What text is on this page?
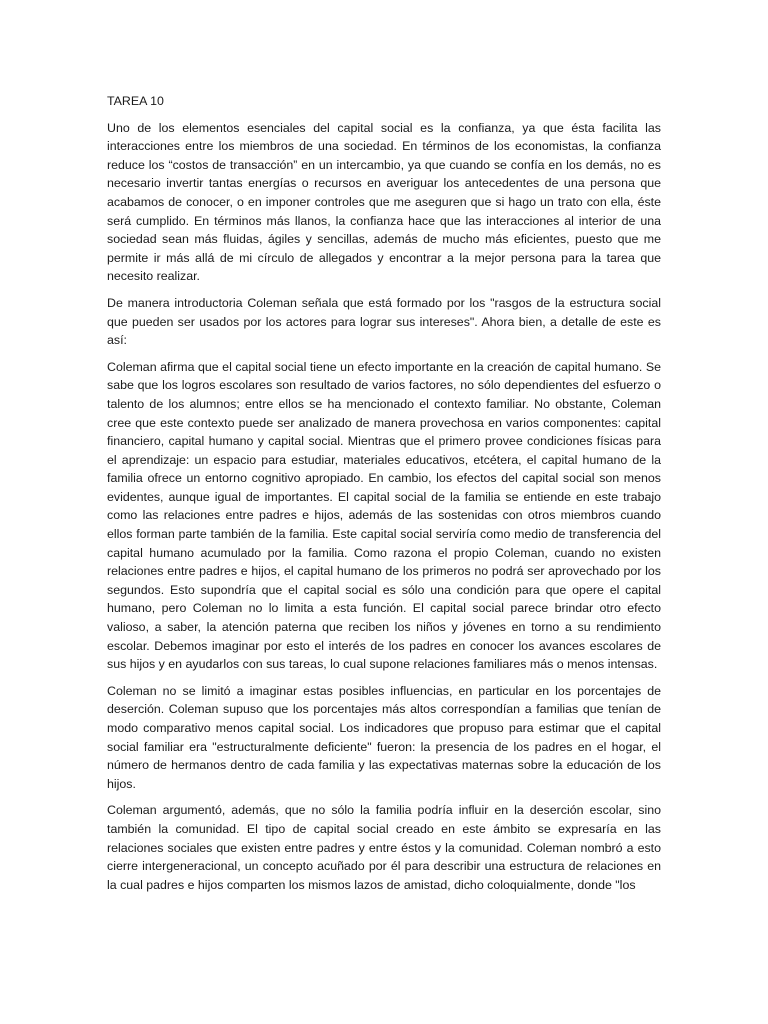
TAREA 10

Uno de los elementos esenciales del capital social es la confianza, ya que ésta facilita las interacciones entre los miembros de una sociedad. En términos de los economistas, la confianza reduce los “costos de transacción” en un intercambio, ya que cuando se confía en los demás, no es necesario invertir tantas energías o recursos en averiguar los antecedentes de una persona que acabamos de conocer, o en imponer controles que me aseguren que si hago un trato con ella, éste será cumplido. En términos más llanos, la confianza hace que las interacciones al interior de una sociedad sean más fluidas, ágiles y sencillas, además de mucho más eficientes, puesto que me permite ir más allá de mi círculo de allegados y encontrar a la mejor persona para la tarea que necesito realizar.

De manera introductoria Coleman señala que está formado por los "rasgos de la estructura social que pueden ser usados por los actores para lograr sus intereses". Ahora bien, a detalle de este es así:

Coleman afirma que el capital social tiene un efecto importante en la creación de capital humano. Se sabe que los logros escolares son resultado de varios factores, no sólo dependientes del esfuerzo o talento de los alumnos; entre ellos se ha mencionado el contexto familiar. No obstante, Coleman cree que este contexto puede ser analizado de manera provechosa en varios componentes: capital financiero, capital humano y capital social. Mientras que el primero provee condiciones físicas para el aprendizaje: un espacio para estudiar, materiales educativos, etcétera, el capital humano de la familia ofrece un entorno cognitivo apropiado. En cambio, los efectos del capital social son menos evidentes, aunque igual de importantes. El capital social de la familia se entiende en este trabajo como las relaciones entre padres e hijos, además de las sostenidas con otros miembros cuando ellos forman parte también de la familia. Este capital social serviría como medio de transferencia del capital humano acumulado por la familia. Como razona el propio Coleman, cuando no existen relaciones entre padres e hijos, el capital humano de los primeros no podrá ser aprovechado por los segundos. Esto supondría que el capital social es sólo una condición para que opere el capital humano, pero Coleman no lo limita a esta función. El capital social parece brindar otro efecto valioso, a saber, la atención paterna que reciben los niños y jóvenes en torno a su rendimiento escolar. Debemos imaginar por esto el interés de los padres en conocer los avances escolares de sus hijos y en ayudarlos con sus tareas, lo cual supone relaciones familiares más o menos intensas.

Coleman no se limitó a imaginar estas posibles influencias, en particular en los porcentajes de deserción. Coleman supuso que los porcentajes más altos correspondían a familias que tenían de modo comparativo menos capital social. Los indicadores que propuso para estimar que el capital social familiar era "estructuralmente deficiente" fueron: la presencia de los padres en el hogar, el número de hermanos dentro de cada familia y las expectativas maternas sobre la educación de los hijos.

Coleman argumentó, además, que no sólo la familia podría influir en la deserción escolar, sino también la comunidad. El tipo de capital social creado en este ámbito se expresaría en las relaciones sociales que existen entre padres y entre éstos y la comunidad. Coleman nombró a esto cierre intergeneracional, un concepto acuñado por él para describir una estructura de relaciones en la cual padres e hijos comparten los mismos lazos de amistad, dicho coloquialmente, donde "los
